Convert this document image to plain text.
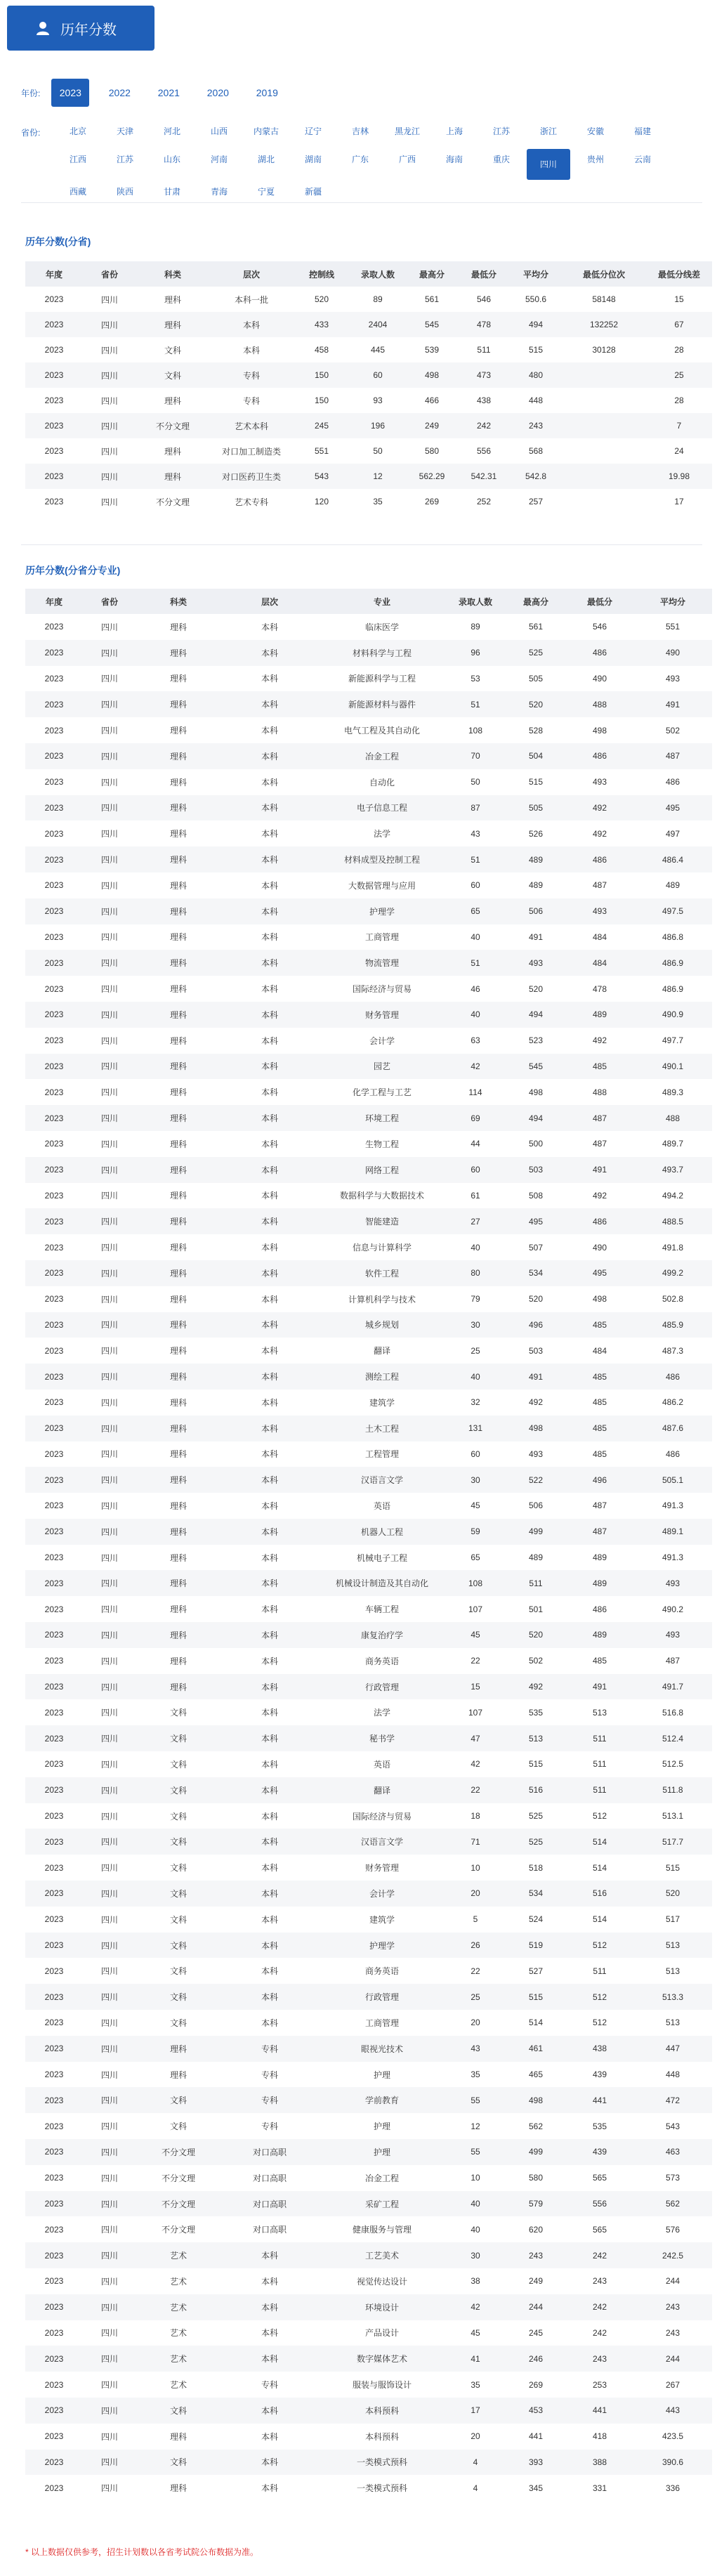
历年分数
年份:	2023	2022	2021	2020	2019
省份:	北京	天津	河北	山西	内蒙古	辽宁	吉林	黑龙江	上海	江苏	浙江	安徽	福建
江西	江苏	山东	河南	湖北	湖南	广东	广西	海南	重庆	四川	贵州	云南
西藏	陕西	甘肃	青海	宁夏	新疆
历年分数(分省)
年度	省份	科类	层次	控制线	录取人数	最高分	最低分	平均分	最低分位次	最低分线差
2023	四川	理科	本科一批	520	89	561	546	550.6	58148	15
2023	四川	理科	本科	433	2404	545	478	494	132252	67
2023	四川	文科	本科	458	445	539	511	515	30128	28
2023	四川	文科	专科	150	60	498	473	480		25
2023	四川	理科	专科	150	93	466	438	448		28
2023	四川	不分文理	艺术本科	245	196	249	242	243		7
2023	四川	理科	对口加工制造类	551	50	580	556	568		24
2023	四川	理科	对口医药卫生类	543	12	562.29	542.31	542.8		19.98
2023	四川	不分文理	艺术专科	120	35	269	252	257		17
历年分数(分省分专业)
年度	省份	科类	层次	专业	录取人数	最高分	最低分	平均分
2023	四川	理科	本科	临床医学	89	561	546	551
2023	四川	理科	本科	材料科学与工程	96	525	486	490
2023	四川	理科	本科	新能源科学与工程	53	505	490	493
2023	四川	理科	本科	新能源材料与器件	51	520	488	491
2023	四川	理科	本科	电气工程及其自动化	108	528	498	502
2023	四川	理科	本科	冶金工程	70	504	486	487
2023	四川	理科	本科	自动化	50	515	493	486
2023	四川	理科	本科	电子信息工程	87	505	492	495
2023	四川	理科	本科	法学	43	526	492	497
2023	四川	理科	本科	材料成型及控制工程	51	489	486	486.4
2023	四川	理科	本科	大数据管理与应用	60	489	487	489
2023	四川	理科	本科	护理学	65	506	493	497.5
2023	四川	理科	本科	工商管理	40	491	484	486.8
2023	四川	理科	本科	物流管理	51	493	484	486.9
2023	四川	理科	本科	国际经济与贸易	46	520	478	486.9
2023	四川	理科	本科	财务管理	40	494	489	490.9
2023	四川	理科	本科	会计学	63	523	492	497.7
2023	四川	理科	本科	园艺	42	545	485	490.1
2023	四川	理科	本科	化学工程与工艺	114	498	488	489.3
2023	四川	理科	本科	环境工程	69	494	487	488
2023	四川	理科	本科	生物工程	44	500	487	489.7
2023	四川	理科	本科	网络工程	60	503	491	493.7
2023	四川	理科	本科	数据科学与大数据技术	61	508	492	494.2
2023	四川	理科	本科	智能建造	27	495	486	488.5
2023	四川	理科	本科	信息与计算科学	40	507	490	491.8
2023	四川	理科	本科	软件工程	80	534	495	499.2
2023	四川	理科	本科	计算机科学与技术	79	520	498	502.8
2023	四川	理科	本科	城乡规划	30	496	485	485.9
2023	四川	理科	本科	翻译	25	503	484	487.3
2023	四川	理科	本科	测绘工程	40	491	485	486
2023	四川	理科	本科	建筑学	32	492	485	486.2
2023	四川	理科	本科	土木工程	131	498	485	487.6
2023	四川	理科	本科	工程管理	60	493	485	486
2023	四川	理科	本科	汉语言文学	30	522	496	505.1
2023	四川	理科	本科	英语	45	506	487	491.3
2023	四川	理科	本科	机器人工程	59	499	487	489.1
2023	四川	理科	本科	机械电子工程	65	489	489	491.3
2023	四川	理科	本科	机械设计制造及其自动化	108	511	489	493
2023	四川	理科	本科	车辆工程	107	501	486	490.2
2023	四川	理科	本科	康复治疗学	45	520	489	493
2023	四川	理科	本科	商务英语	22	502	485	487
2023	四川	理科	本科	行政管理	15	492	491	491.7
2023	四川	文科	本科	法学	107	535	513	516.8
2023	四川	文科	本科	秘书学	47	513	511	512.4
2023	四川	文科	本科	英语	42	515	511	512.5
2023	四川	文科	本科	翻译	22	516	511	511.8
2023	四川	文科	本科	国际经济与贸易	18	525	512	513.1
2023	四川	文科	本科	汉语言文学	71	525	514	517.7
2023	四川	文科	本科	财务管理	10	518	514	515
2023	四川	文科	本科	会计学	20	534	516	520
2023	四川	文科	本科	建筑学	5	524	514	517
2023	四川	文科	本科	护理学	26	519	512	513
2023	四川	文科	本科	商务英语	22	527	511	513
2023	四川	文科	本科	行政管理	25	515	512	513.3
2023	四川	文科	本科	工商管理	20	514	512	513
2023	四川	理科	专科	眼视光技术	43	461	438	447
2023	四川	理科	专科	护理	35	465	439	448
2023	四川	文科	专科	学前教育	55	498	441	472
2023	四川	文科	专科	护理	12	562	535	543
2023	四川	不分文理	对口高职	护理	55	499	439	463
2023	四川	不分文理	对口高职	冶金工程	10	580	565	573
2023	四川	不分文理	对口高职	采矿工程	40	579	556	562
2023	四川	不分文理	对口高职	健康服务与管理	40	620	565	576
2023	四川	艺术	本科	工艺美术	30	243	242	242.5
2023	四川	艺术	本科	视觉传达设计	38	249	243	244
2023	四川	艺术	本科	环境设计	42	244	242	243
2023	四川	艺术	本科	产品设计	45	245	242	243
2023	四川	艺术	本科	数字媒体艺术	41	246	243	244
2023	四川	艺术	专科	服装与服饰设计	35	269	253	267
2023	四川	文科	本科	本科预科	17	453	441	443
2023	四川	理科	本科	本科预科	20	441	418	423.5
2023	四川	文科	本科	一类模式预科	4	393	388	390.6
2023	四川	理科	本科	一类模式预科	4	345	331	336
* 以上数据仅供参考，招生计划数以各省考试院公布数据为准。
